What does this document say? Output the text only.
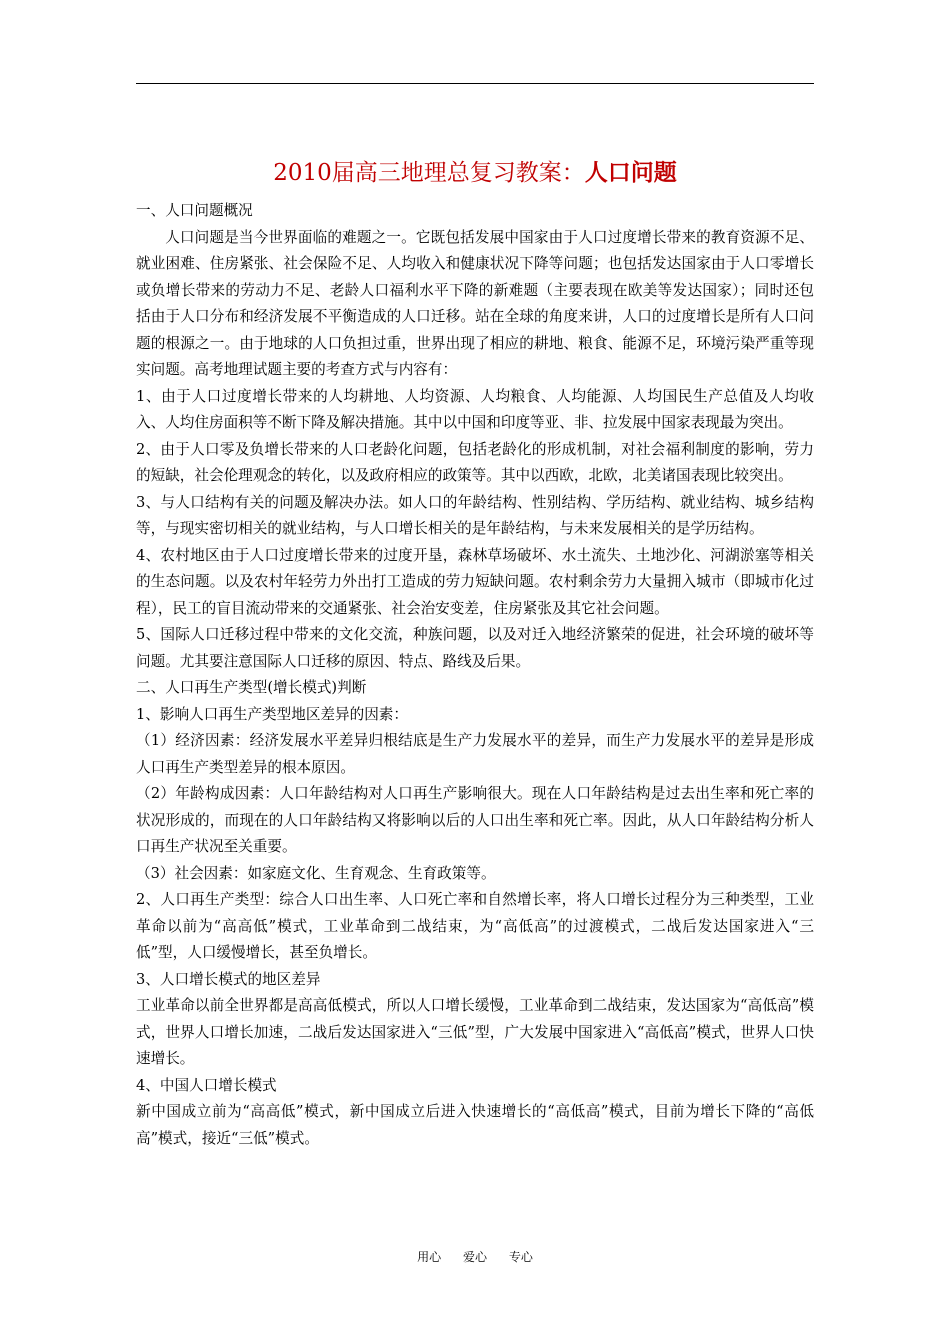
2010届高三地理总复习教案：人口问题

一、人口问题概况

人口问题是当今世界面临的难题之一。它既包括发展中国家由于人口过度增长带来的教育资源不足、就业困难、住房紧张、社会保险不足、人均收入和健康状况下降等问题；也包括发达国家由于人口零增长或负增长带来的劳动力不足、老龄人口福利水平下降的新难题（主要表现在欧美等发达国家）；同时还包括由于人口分布和经济发展不平衡造成的人口迁移。站在全球的角度来讲，人口的过度增长是所有人口问题的根源之一。由于地球的人口负担过重，世界出现了相应的耕地、粮食、能源不足，环境污染严重等现实问题。高考地理试题主要的考查方式与内容有：

1、由于人口过度增长带来的人均耕地、人均资源、人均粮食、人均能源、人均国民生产总值及人均收入、人均住房面积等不断下降及解决措施。其中以中国和印度等亚、非、拉发展中国家表现最为突出。

2、由于人口零及负增长带来的人口老龄化问题，包括老龄化的形成机制，对社会福利制度的影响，劳力的短缺，社会伦理观念的转化，以及政府相应的政策等。其中以西欧，北欧，北美诸国表现比较突出。

3、与人口结构有关的问题及解决办法。如人口的年龄结构、性别结构、学历结构、就业结构、城乡结构等，与现实密切相关的就业结构，与人口增长相关的是年龄结构，与未来发展相关的是学历结构。

4、农村地区由于人口过度增长带来的过度开垦，森林草场破坏、水土流失、土地沙化、河湖淤塞等相关的生态问题。以及农村年轻劳力外出打工造成的劳力短缺问题。农村剩余劳力大量拥入城市（即城市化过程），民工的盲目流动带来的交通紧张、社会治安变差，住房紧张及其它社会问题。

5、国际人口迁移过程中带来的文化交流，种族问题，以及对迁入地经济繁荣的促进，社会环境的破坏等问题。尤其要注意国际人口迁移的原因、特点、路线及后果。

二、人口再生产类型(增长模式)判断

1、影响人口再生产类型地区差异的因素：

（1）经济因素：经济发展水平差异归根结底是生产力发展水平的差异，而生产力发展水平的差异是形成人口再生产类型差异的根本原因。

（2）年龄构成因素：人口年龄结构对人口再生产影响很大。现在人口年龄结构是过去出生率和死亡率的状况形成的，而现在的人口年龄结构又将影响以后的人口出生率和死亡率。因此，从人口年龄结构分析人口再生产状况至关重要。

（3）社会因素：如家庭文化、生育观念、生育政策等。

2、人口再生产类型：综合人口出生率、人口死亡率和自然增长率，将人口增长过程分为三种类型，工业革命以前为“高高低”模式，工业革命到二战结束，为“高低高”的过渡模式，二战后发达国家进入“三低”型，人口缓慢增长，甚至负增长。

3、人口增长模式的地区差异

工业革命以前全世界都是高高低模式，所以人口增长缓慢，工业革命到二战结束，发达国家为“高低高”模式，世界人口增长加速，二战后发达国家进入“三低”型，广大发展中国家进入“高低高”模式，世界人口快速增长。

4、中国人口增长模式

新中国成立前为“高高低”模式，新中国成立后进入快速增长的“高低高”模式，目前为增长下降的“高低高”模式，接近“三低”模式。

用心 爱心 专心
